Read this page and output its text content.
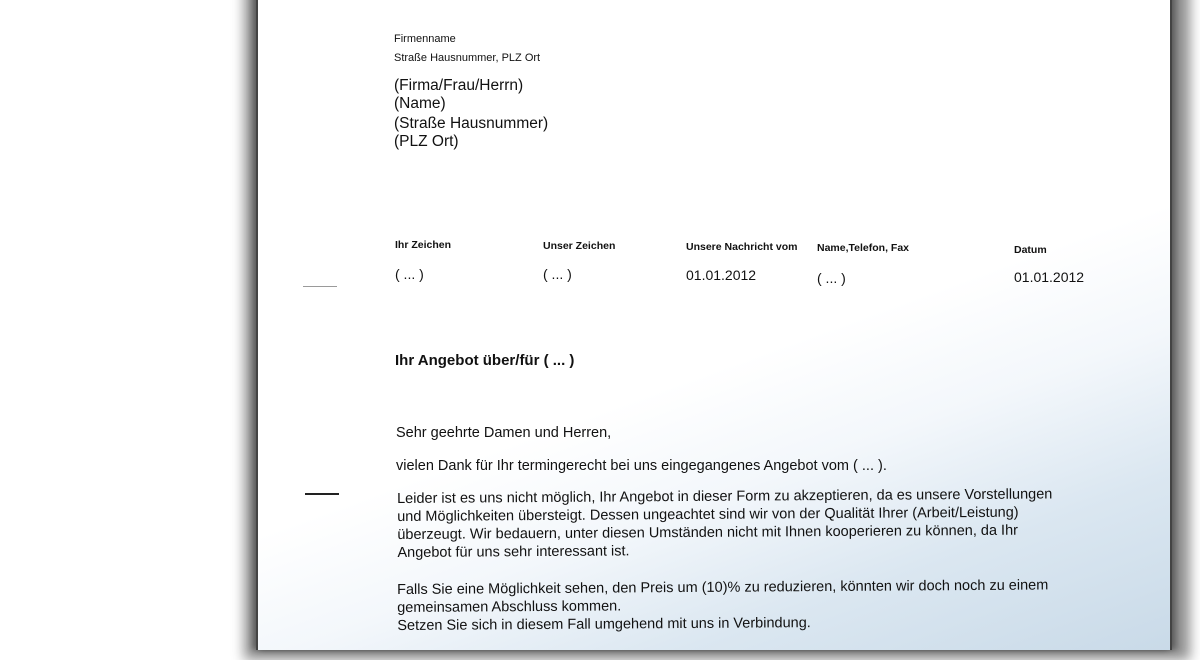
Firmenname
Straße Hausnummer, PLZ Ort
(Firma/Frau/Herrn)
(Name)
(Straße Hausnummer)
(PLZ Ort)
Ihr Zeichen
( ... )
Unser Zeichen
( ... )
Unsere Nachricht vom
01.01.2012
Name,Telefon, Fax
( ... )
Datum
01.01.2012
Ihr Angebot über/für ( ... )
Sehr geehrte Damen und Herren,
vielen Dank für Ihr termingerecht bei uns eingegangenes Angebot vom ( ... ).
Leider ist es uns nicht möglich, Ihr Angebot in dieser Form zu akzeptieren, da es unsere Vorstellungen
und Möglichkeiten übersteigt. Dessen ungeachtet sind wir von der Qualität Ihrer (Arbeit/Leistung)
überzeugt. Wir bedauern, unter diesen Umständen nicht mit Ihnen kooperieren zu können, da Ihr
Angebot für uns sehr interessant ist.
Falls Sie eine Möglichkeit sehen, den Preis um (10)% zu reduzieren, könnten wir doch noch zu einem
gemeinsamen Abschluss kommen.
Setzen Sie sich in diesem Fall umgehend mit uns in Verbindung.
